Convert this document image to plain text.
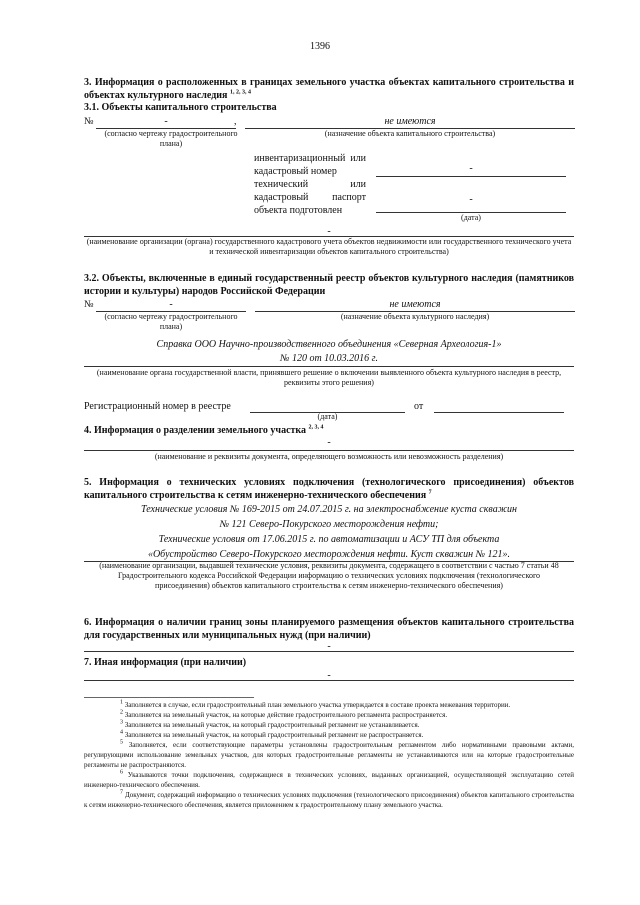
1396
3. Информация о расположенных в границах земельного участка объектах капитального строительства и объектах культурного наследия $^{1, 2, 3, 4}$
3.1. Объекты капитального строительства
№	-	,	не имеются
(согласно чертежу градостроительного плана)
(назначение объекта капитального строительства)
инвентаризационный или кадастровый номер	-
технический или кадастровый паспорт объекта подготовлен
-
(дата)
-
(наименование организации (органа) государственного кадастрового учета объектов недвижимости или государственного технического учета и технической инвентаризации объектов капитального строительства)
3.2. Объекты, включенные в единый государственный реестр объектов культурного наследия (памятников истории и культуры) народов Российской Федерации
№	-	не имеются
(согласно чертежу градостроительного плана)
(назначение объекта культурного наследия)
Справка ООО Научно-производственного объединения «Северная Археология-1»
№ 120 от 10.03.2016 г.
(наименование органа государственной власти, принявшего решение о включении выявленного объекта культурного наследия в реестр, реквизиты этого решения)
Регистрационный номер в реестре	от
(дата)
4. Информация о разделении земельного участка $^{2, 3, 4}$
-
(наименование и реквизиты документа, определяющего возможность или невозможность разделения)
5. Информация о технических условиях подключения (технологического присоединения) объектов капитального строительства к сетям инженерно-технического обеспечения $^7$
Технические условия № 169-2015 от 24.07.2015 г. на электроснабжение куста скважин
№ 121 Северо-Покурского месторождения нефти;
Технические условия от 17.06.2015 г. по автоматизации и АСУ ТП для объекта
«Обустройство Северо-Покурского месторождения нефти. Куст скважин № 121».
(наименование организации, выдавшей технические условия, реквизиты документа, содержащего в соответствии с частью 7 статьи 48 Градостроительного кодекса Российской Федерации информацию о технических условиях подключения (технологического присоединения) объектов капитального строительства к сетям инженерно-технического обеспечения)
6. Информация о наличии границ зоны планируемого размещения объектов капитального строительства для государственных или муниципальных нужд (при наличии)
-
7. Иная информация (при наличии)
-
$^1$ Заполняется в случае, если градостроительный план земельного участка утверждается в составе проекта межевания территории.
$^2$ Заполняется на земельный участок, на которые действие градостроительного регламента распространяется.
$^3$ Заполняется на земельный участок, на который градостроительный регламент не устанавливается.
$^4$ Заполняется на земельный участок, на который градостроительный регламент не распространяется.
$^5$ Заполняется, если соответствующие параметры установлены градостроительным регламентом либо нормативными правовыми актами, регулирующими использование земельных участков, для которых градостроительные регламенты не устанавливаются или на которые градостроительные регламенты не распространяются.
$^6$ Указываются точки подключения, содержащиеся в технических условиях, выданных организацией, осуществляющей эксплуатацию сетей инженерно-технического обеспечения.
$^7$ Документ, содержащий информацию о технических условиях подключения (технологического присоединения) объектов капитального строительства к сетям инженерно-технического обеспечения, является приложением к градостроительному плану земельного участка.
